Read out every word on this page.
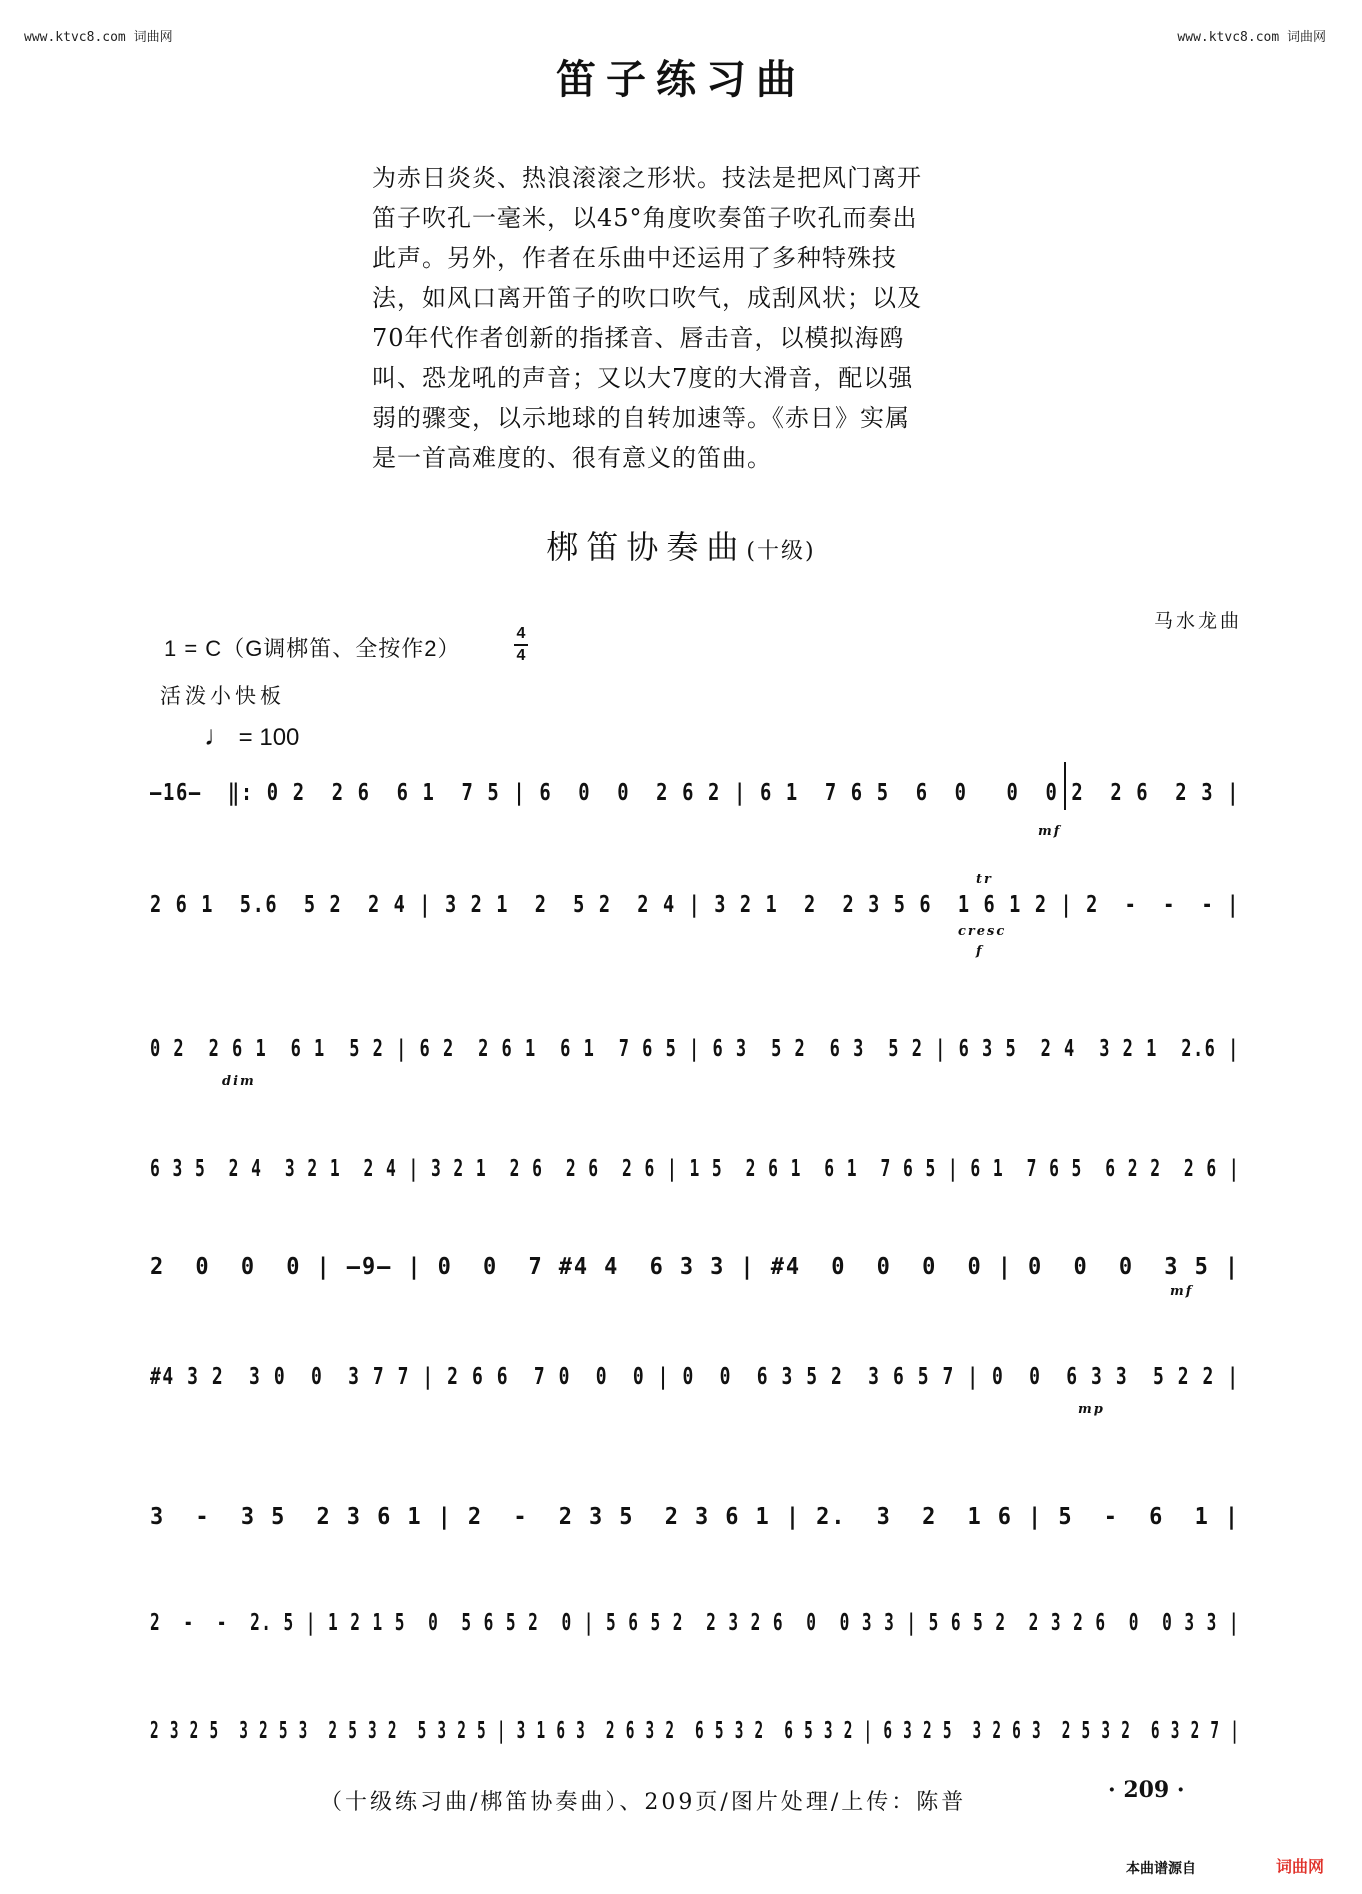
www.ktvc8.com 词曲网	www.ktvc8.com 词曲网
笛子练习曲

为赤日炎炎、热浪滚滚之形状。技法是把风门离开

笛子吹孔一毫米，以45°角度吹奏笛子吹孔而奏出

此声。另外，作者在乐曲中还运用了多种特殊技

法，如风口离开笛子的吹口吹气，成刮风状；以及

70年代作者创新的指揉音、唇击音，以模拟海鸥

叫、恐龙吼的声音；又以大7度的大滑音，配以强

弱的骤变，以示地球的自转加速等。《赤日》实属

是一首高难度的、很有意义的笛曲。

梆笛协奏曲(十级)
马水龙曲
1 = C（G调梆笛、全按作2）
4
4
活泼小快板
♩ = 100

—16—  ‖: 0 2  2 6  6 1  7 5 | 6  0  0  2 6 2 | 6 1  7 6 5  6  0   0  0 2  2 6  2 3 |

mf

2 6 1  5.6  5 2  2 4 | 3 2 1  2  5 2  2 4 | 3 2 1  2  2 3 5 6  1 6 1 2 | 2  -  -  - |

cresc

tr

f

0 2  2 6 1  6 1  5 2 | 6 2  2 6 1  6 1  7 6 5 | 6 3  5 2  6 3  5 2 | 6 3 5  2 4  3 2 1  2.6 |

dim

6 3 5  2 4  3 2 1  2 4 | 3 2 1  2 6  2 6  2 6 | 1 5  2 6 1  6 1  7 6 5 | 6 1  7 6 5  6 2 2  2 6 |

2  0  0  0 | —9— | 0  0  7 #4 4  6 3 3 | #4  0  0  0  0 | 0  0  0  3 5 |

mf

#4 3 2  3 0  0  3 7 7 | 2 6 6  7 0  0  0 | 0  0  6 3 5 2  3 6 5 7 | 0  0  6 3 3  5 2 2 |

mp

3  -  3 5  2 3 6 1 | 2  -  2 3 5  2 3 6 1 | 2.  3  2  1 6 | 5  -  6  1 |

2  -  -  2. 5 | 1 2 1 5  0  5 6 5 2  0 | 5 6 5 2  2 3 2 6  0  0 3 3 | 5 6 5 2  2 3 2 6  0  0 3 3 |

2 3 2 5  3 2 5 3  2 5 3 2  5 3 2 5 | 3 1 6 3  2 6 3 2  6 5 3 2  6 5 3 2 | 6 3 2 5  3 2 6 3  2 5 3 2  6 3 2 7 |

（十级练习曲/梆笛协奏曲）、209页/图片处理/上传：陈普	· 209 ·
本曲谱源自	词曲网
